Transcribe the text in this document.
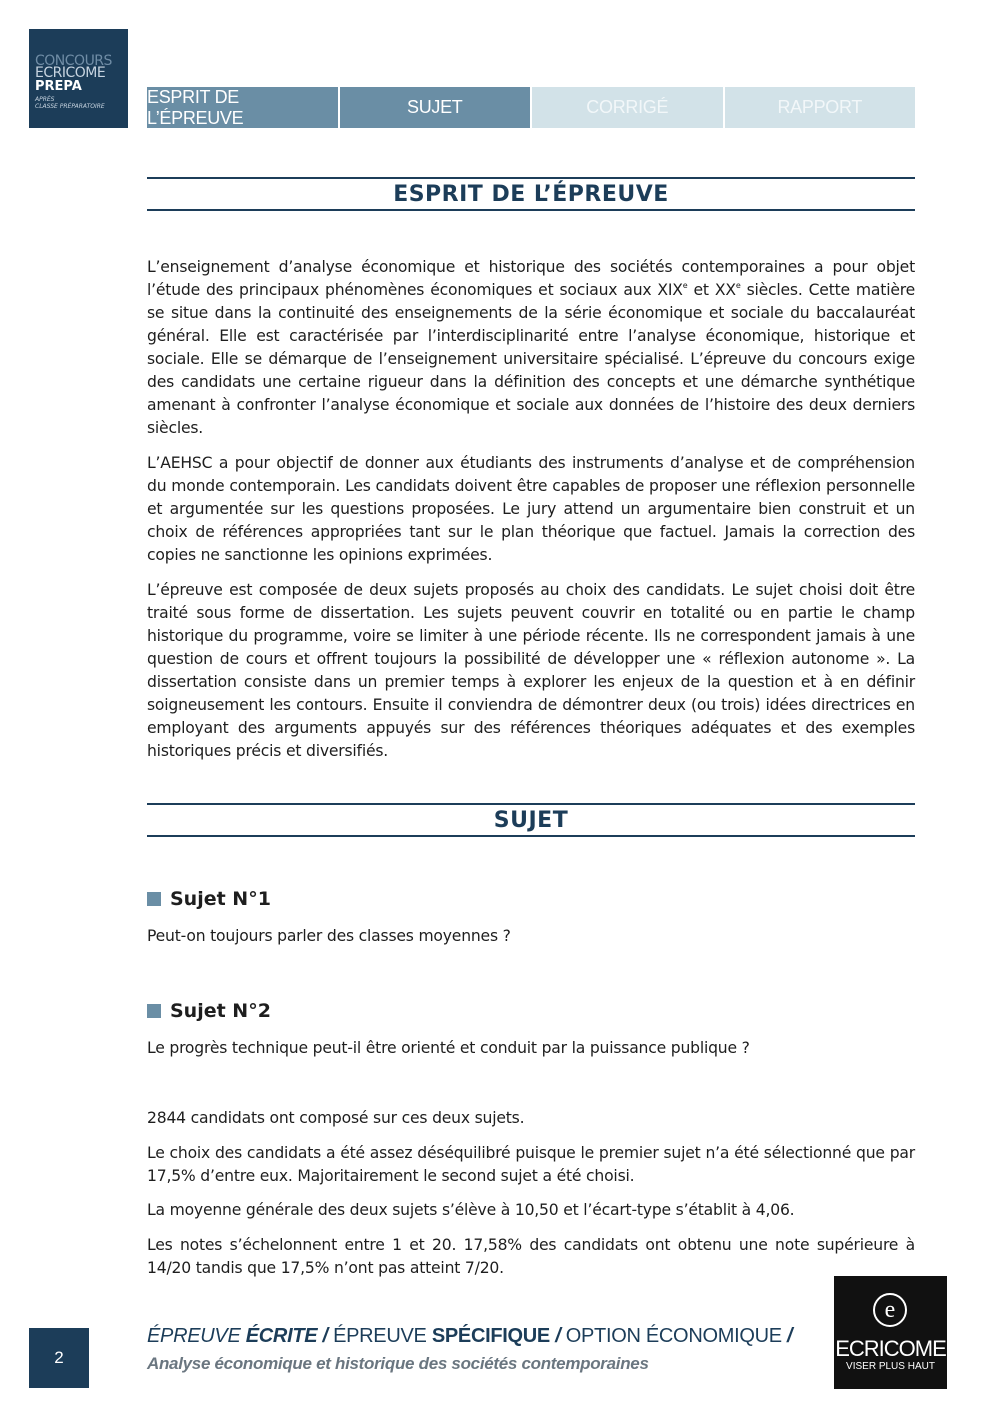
CONCOURS
ECRICOME
PREPA
APRÈS
CLASSE PRÉPARATOIRE	ESPRIT DE L’ÉPREUVE
SUJET	CORRIGÉ	RAPPORT
ESPRIT DE L’ÉPREUVE

L’enseignement d’analyse économique et historique des sociétés contemporaines a pour objet l’étude des principaux phénomènes économiques et sociaux aux XIXe et XXe siècles. Cette matière se situe dans la continuité des enseignements de la série économique et sociale du baccalauréat général. Elle est caractérisée par l’interdisciplinarité entre l’analyse économique, historique et sociale. Elle se démarque de l’enseignement universitaire spécialisé. L’épreuve du concours exige des candidats une certaine rigueur dans la définition des concepts et une démarche synthétique amenant à confronter l’analyse économique et sociale aux données de l’histoire des deux derniers siècles.

L’AEHSC a pour objectif de donner aux étudiants des instruments d’analyse et de compréhension du monde contemporain. Les candidats doivent être capables de proposer une réflexion personnelle et argumentée sur les questions proposées. Le jury attend un argumentaire bien construit et un choix de références appropriées tant sur le plan théorique que factuel. Jamais la correction des copies ne sanctionne les opinions exprimées.

L’épreuve est composée de deux sujets proposés au choix des candidats. Le sujet choisi doit être traité sous forme de dissertation. Les sujets peuvent couvrir en totalité ou en partie le champ historique du programme, voire se limiter à une période récente. Ils ne correspondent jamais à une question de cours et offrent toujours la possibilité de développer une « réflexion autonome ». La dissertation consiste dans un premier temps à explorer les enjeux de la question et à en définir soigneusement les contours. Ensuite il conviendra de démontrer deux (ou trois) idées directrices en employant des arguments appuyés sur des références théoriques adéquates et des exemples historiques précis et diversifiés.

SUJET
Sujet N°1
Peut-on toujours parler des classes moyennes ?
Sujet N°2
Le progrès technique peut-il être orienté et conduit par la puissance publique ?
2844 candidats ont composé sur ces deux sujets.
Le choix des candidats a été assez déséquilibré puisque le premier sujet n’a été sélectionné que par 17,5% d’entre eux. Majoritairement le second sujet a été choisi.
La moyenne générale des deux sujets s’élève à 10,50 et l’écart-type s’établit à 4,06.
Les notes s’échelonnent entre 1 et 20. 17,58% des candidats ont obtenu une note supérieure à 14/20 tandis que 17,5% n’ont pas atteint 7/20.
2
ÉPREUVE ÉCRITE / ÉPREUVE SPÉCIFIQUE / OPTION ÉCONOMIQUE /
Analyse économique et historique des sociétés contemporaines
e
ECRICOME
VISER PLUS HAUT
